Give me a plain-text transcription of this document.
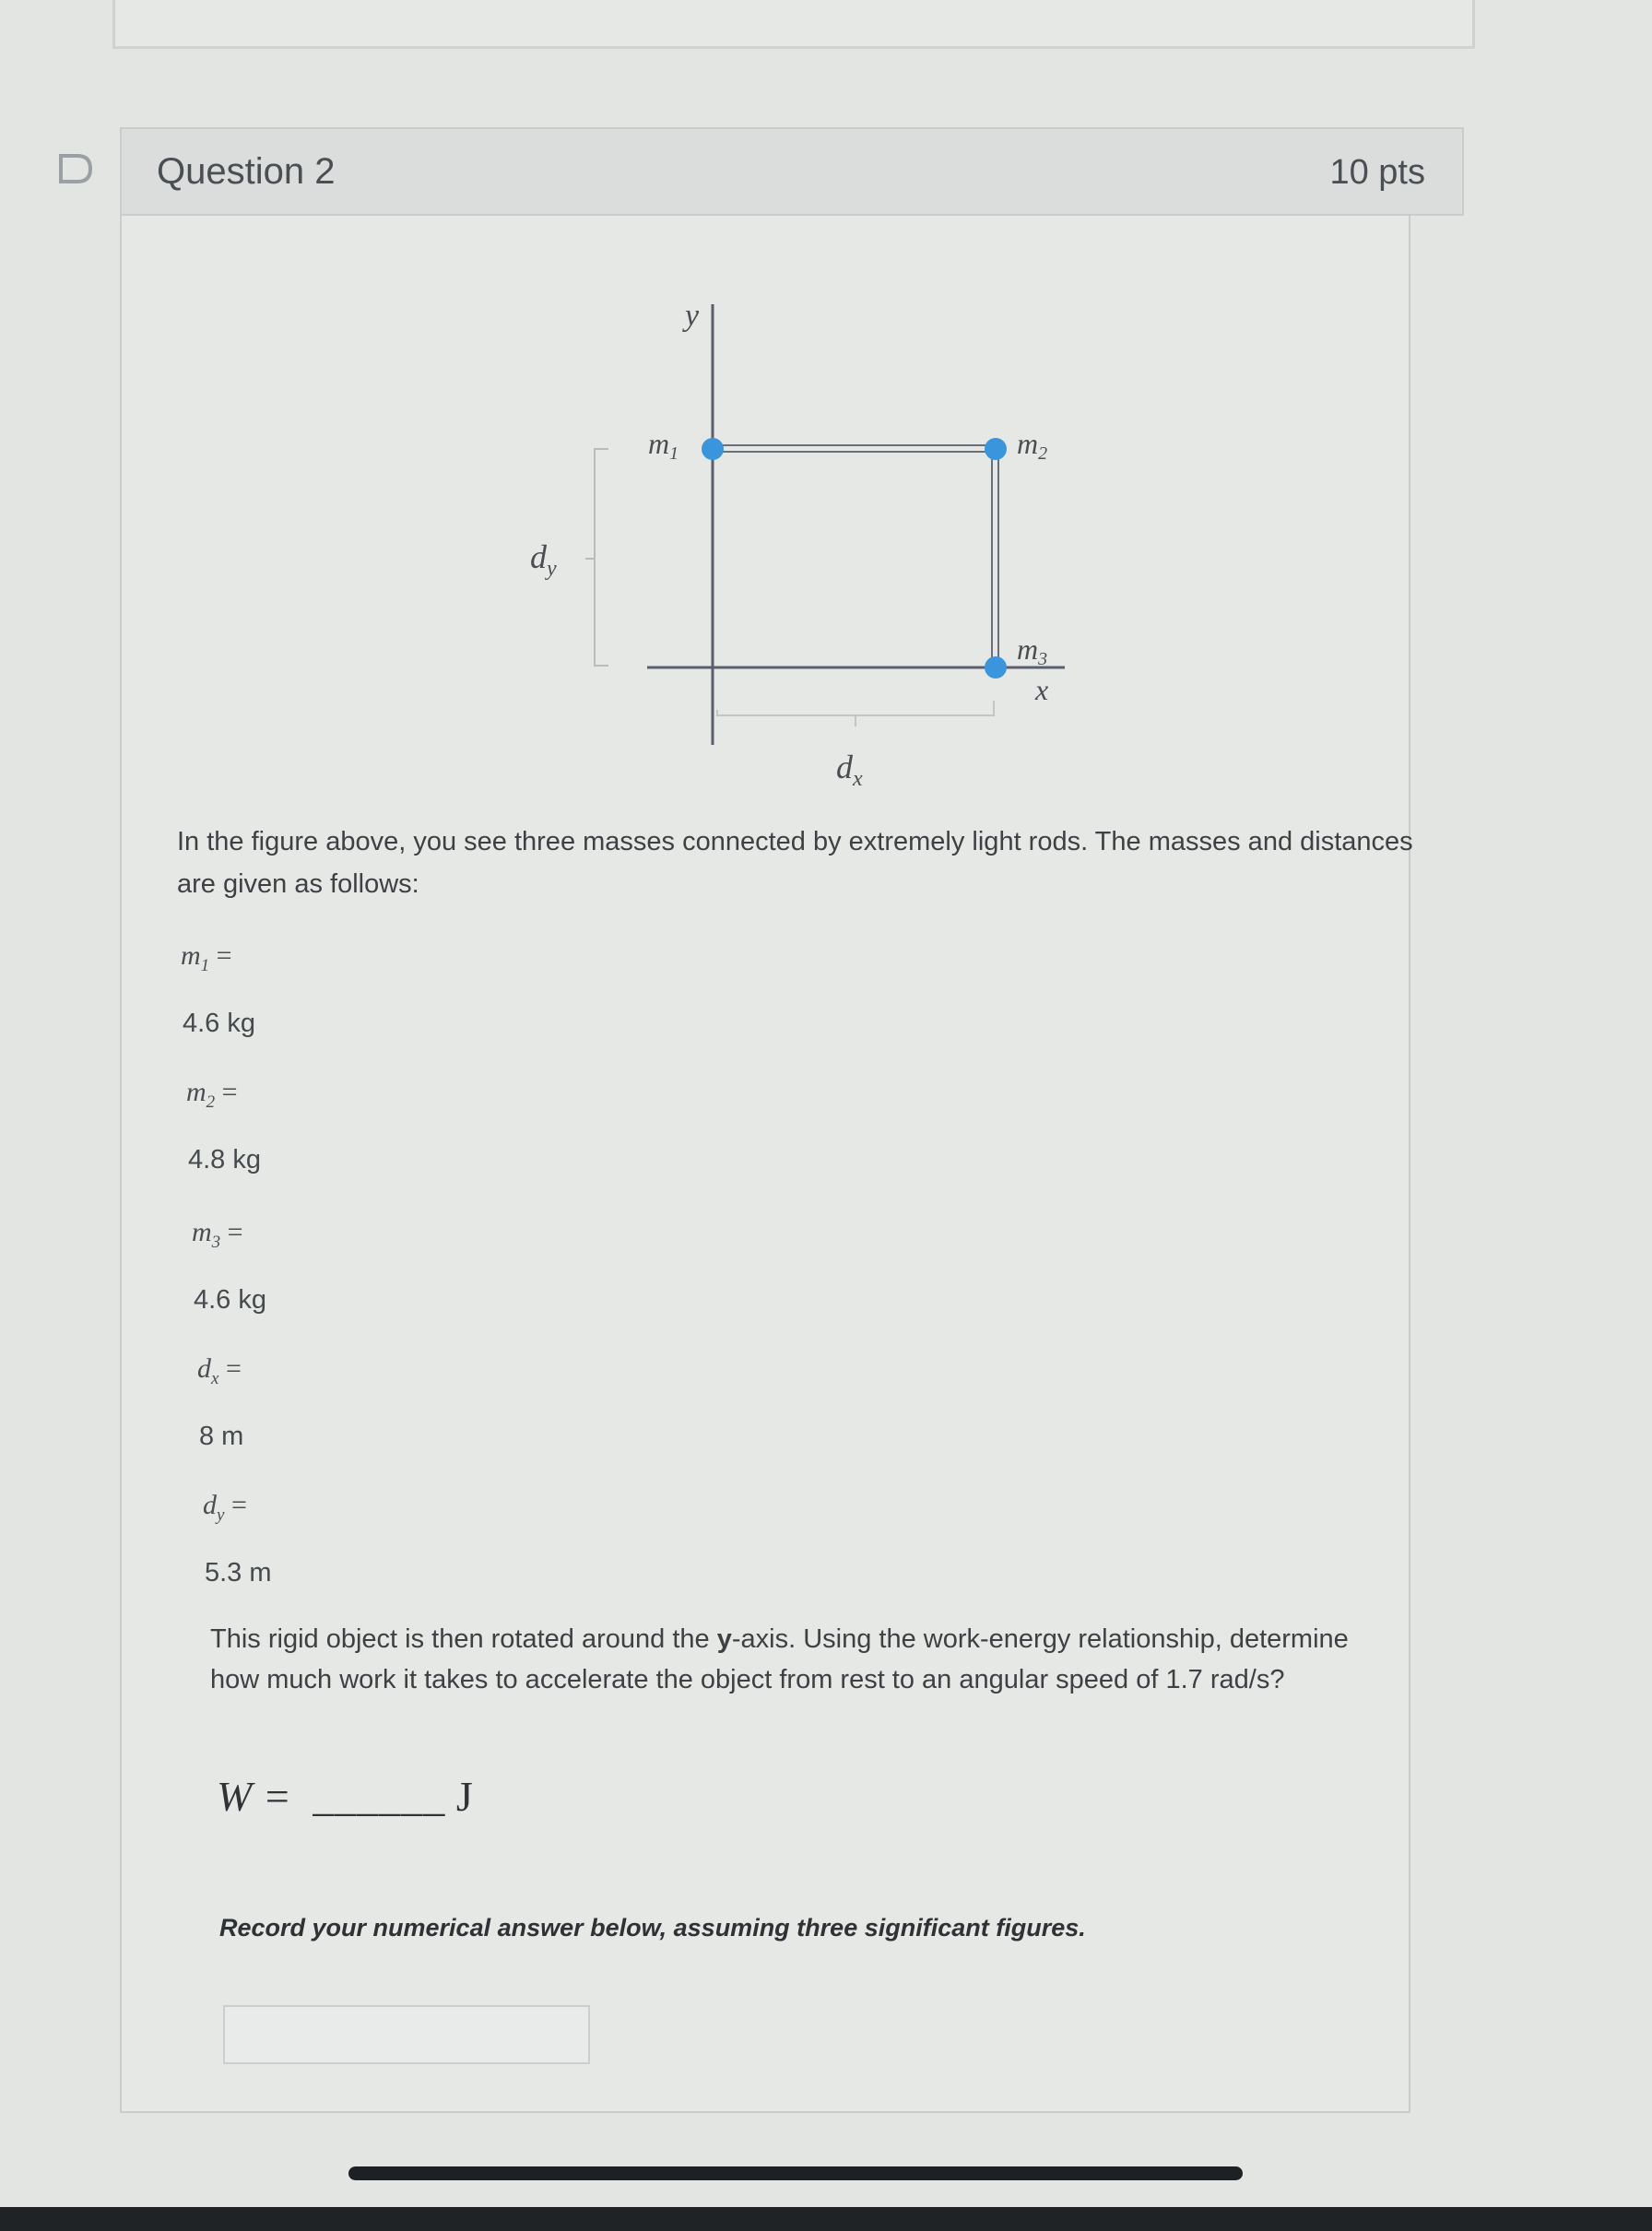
Question 2	10 pts
y
x
m1	m2
m3
$d_y$
$d_x$
In the figure above, you see three masses connected by extremely light rods. The masses and distances are given as follows:
$m_1$ =
4.6 kg
$m_2$ =
4.8 kg
$m_3$ =
4.6 kg
$d_x$ =
8 m
$d_y$ =
5.3 m
This rigid object is then rotated around the y-axis. Using the work-energy relationship, determine how much work it takes to accelerate the object from rest to an angular speed of 1.7 rad/s?
W = ______ J
Record your numerical answer below, assuming three significant figures.
